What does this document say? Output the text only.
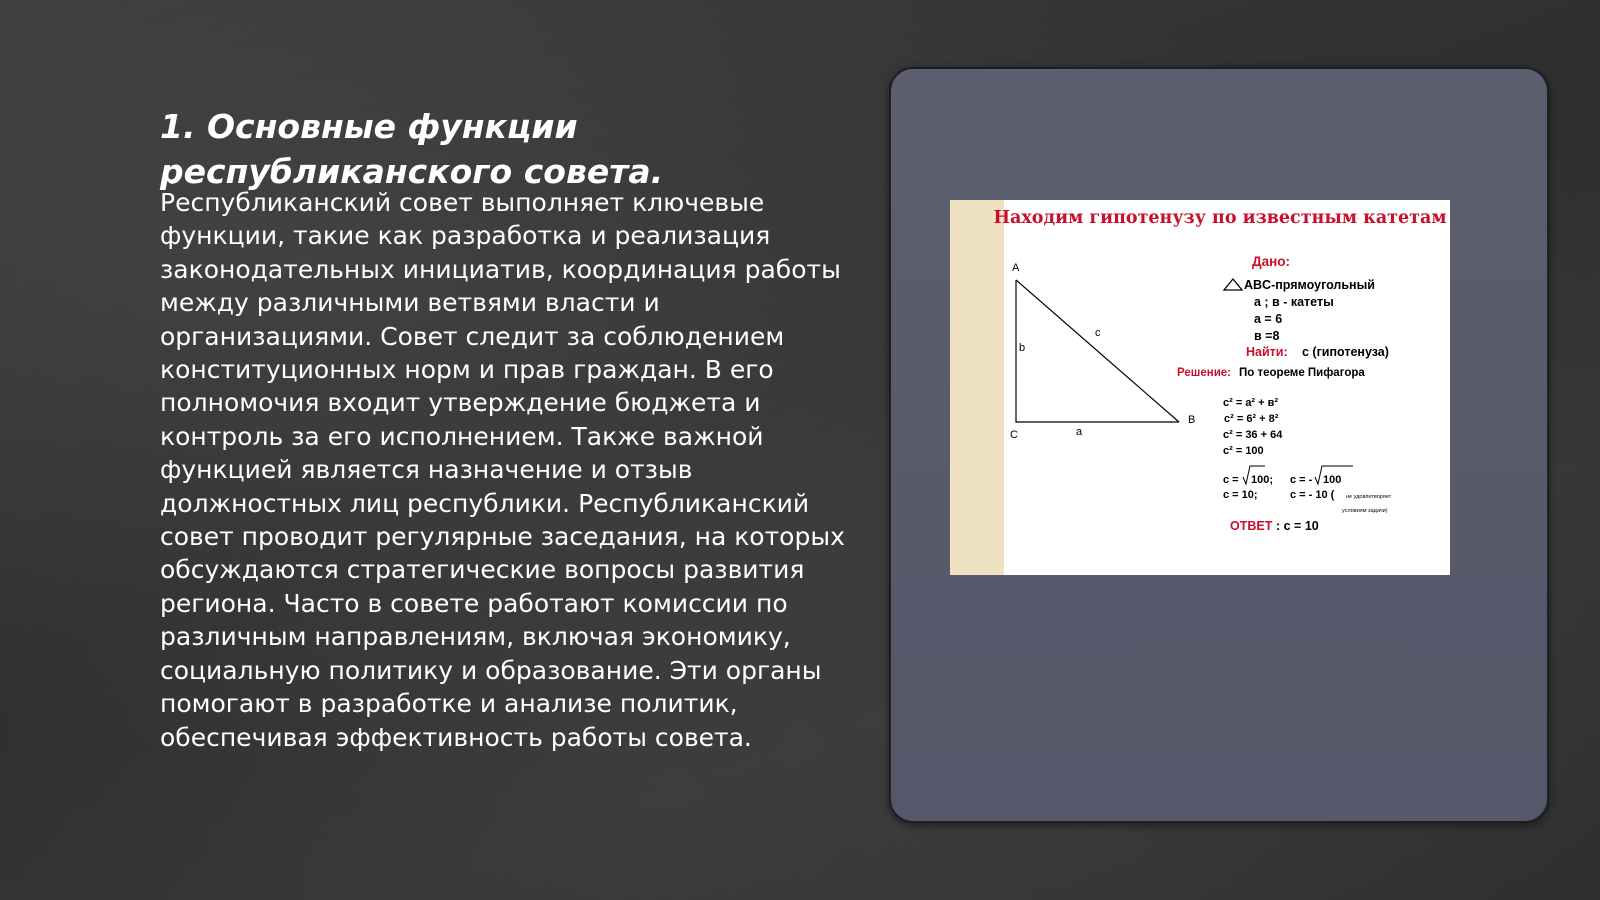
1. Основные функции республиканского совета.

Республиканский совет выполняет ключевые функции, такие как разработка и реализация законодательных инициатив, координация работы между различными ветвями власти и организациями. Совет следит за соблюдением конституционных норм и прав граждан. В его полномочия входит утверждение бюджета и контроль за его исполнением. Также важной функцией является назначение и отзыв должностных лиц республики. Республиканский совет проводит регулярные заседания, на которых обсуждаются стратегические вопросы развития региона. Часто в совете работают комиссии по различным направлениям, включая экономику, социальную политику и образование. Эти органы помогают в разработке и анализе политик, обеспечивая эффективность работы совета.

Находим гипотенузу по известным катетам
A
B
C
c
b
a
Дано:
ABC-прямоугольный
а ; в - катеты
а = 6
в =8
Найти: с (гипотенуза)
Решение: По теореме Пифагора
с² = а² + в²
с² = 6² + 8²
с² = 36 + 64
с² = 100
с = 100; с = - 100
с = 10;	с = - 10 ( не удовлетворяет
условиям задачи)
ОТВЕТ : с = 10
